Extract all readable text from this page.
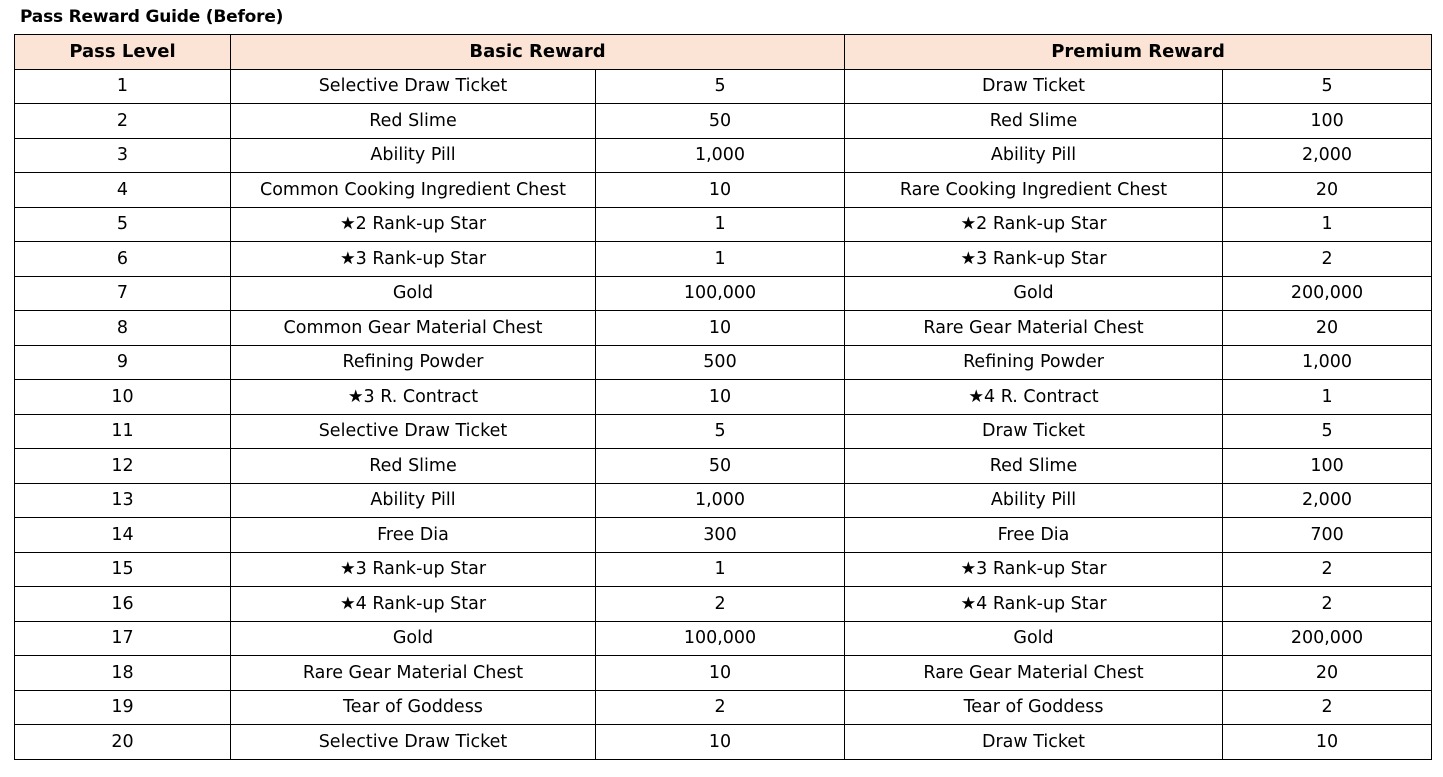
Pass Reward Guide (Before)
Pass Level	Basic Reward		Premium Reward	
1	Selective Draw Ticket	5	Draw Ticket	5
2	Red Slime	50	Red Slime	100
3	Ability Pill	1,000	Ability Pill	2,000
4	Common Cooking Ingredient Chest	10	Rare Cooking Ingredient Chest	20
5	★2 Rank-up Star	1	★2 Rank-up Star	1
6	★3 Rank-up Star	1	★3 Rank-up Star	2
7	Gold	100,000	Gold	200,000
8	Common Gear Material Chest	10	Rare Gear Material Chest	20
9	Refining Powder	500	Refining Powder	1,000
10	★3 R. Contract	10	★4 R. Contract	1
11	Selective Draw Ticket	5	Draw Ticket	5
12	Red Slime	50	Red Slime	100
13	Ability Pill	1,000	Ability Pill	2,000
14	Free Dia	300	Free Dia	700
15	★3 Rank-up Star	1	★3 Rank-up Star	2
16	★4 Rank-up Star	2	★4 Rank-up Star	2
17	Gold	100,000	Gold	200,000
18	Rare Gear Material Chest	10	Rare Gear Material Chest	20
19	Tear of Goddess	2	Tear of Goddess	2
20	Selective Draw Ticket	10	Draw Ticket	10
